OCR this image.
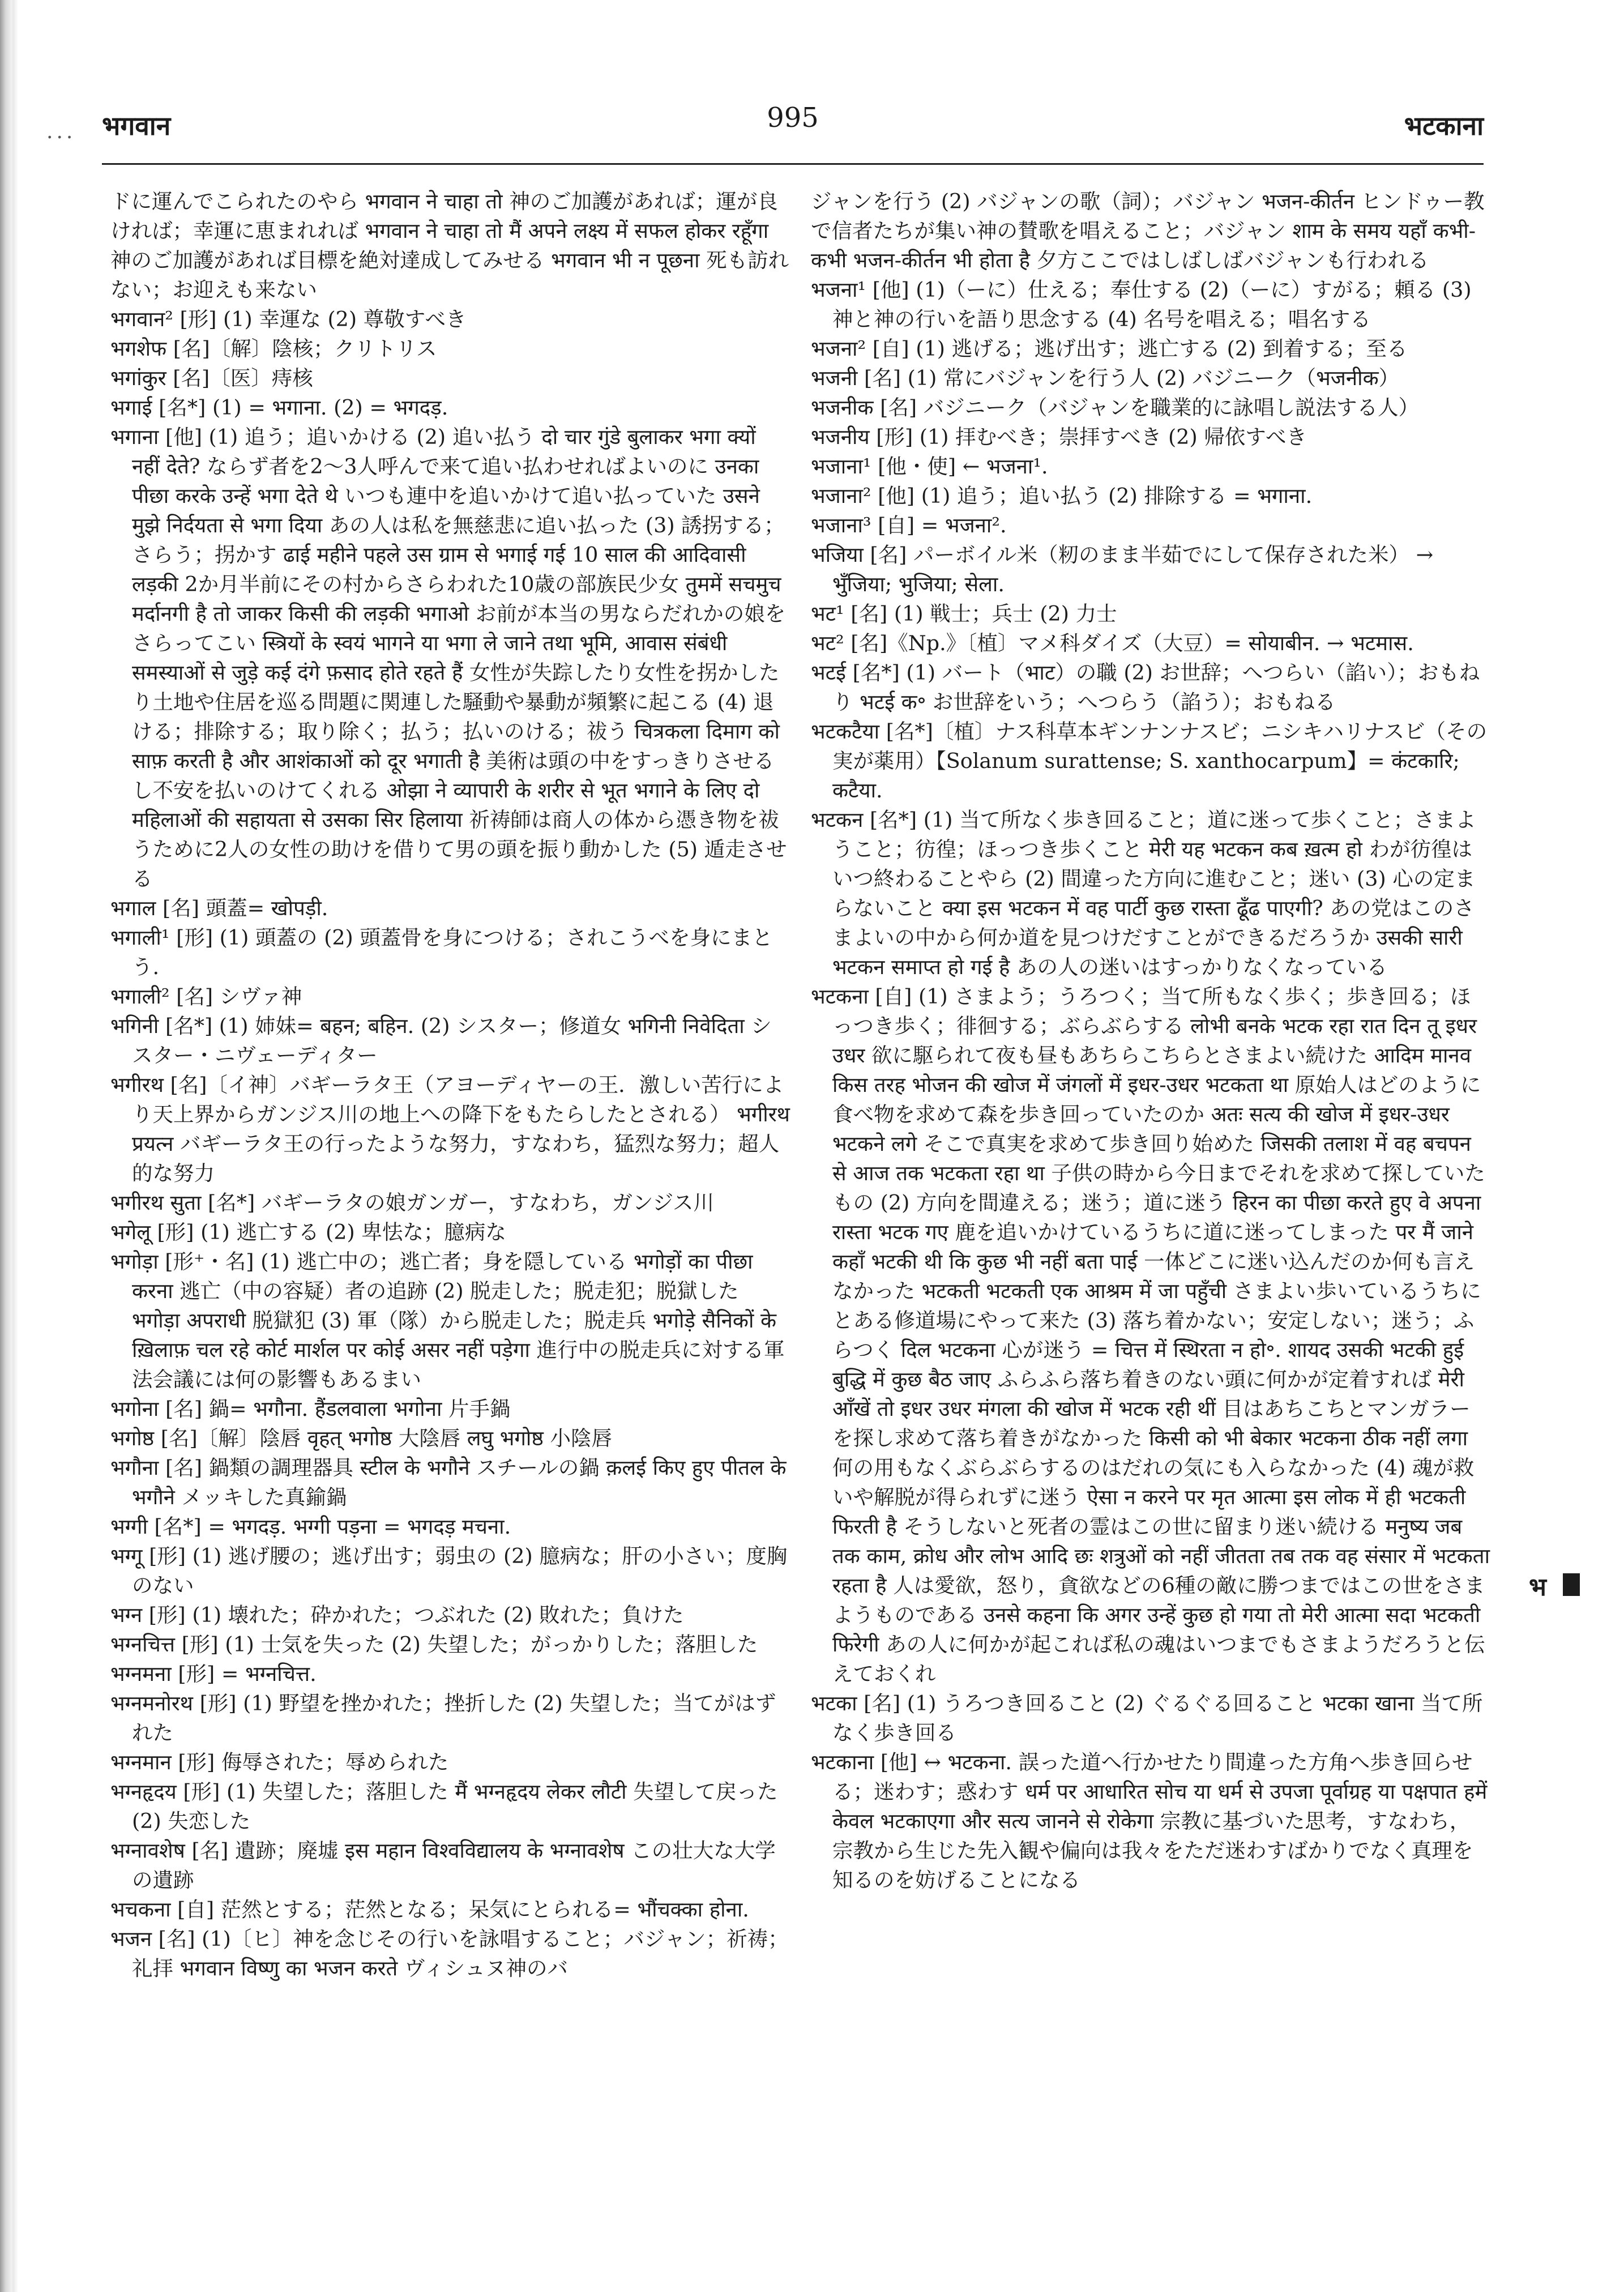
...	995
भगवान	भटकाना

ドに運んでこられたのやら भगवान ने चाहा तो 神のご加護があれば；運が良ければ；幸運に恵まれれば भगवान ने चाहा तो मैं अपने लक्ष्य में सफल होकर रहूँगा 神のご加護があれば目標を絶対達成してみせる भगवान भी न पूछना 死も訪れない；お迎えも来ない

भगवान² [形] (1) 幸運な (2) 尊敬すべき

भगशेफ [名]〔解〕陰核；クリトリス

भगांकुर [名]〔医〕痔核

भगाई [名*] (1) = भगाना. (2) = भगदड़.

भगाना [他] (1) 追う；追いかける (2) 追い払う दो चार गुंडे बुलाकर भगा क्यों नहीं देते? ならず者を2～3人呼んで来て追い払わせればよいのに उनका पीछा करके उन्हें भगा देते थे いつも連中を追いかけて追い払っていた उसने मुझे निर्दयता से भगा दिया あの人は私を無慈悲に追い払った (3) 誘拐する；さらう；拐かす ढाई महीने पहले उस ग्राम से भगाई गई 10 साल की आदिवासी लड़की 2か月半前にその村からさらわれた10歳の部族民少女 तुममें सचमुच मर्दानगी है तो जाकर किसी की लड़की भगाओ お前が本当の男ならだれかの娘をさらってこい स्त्रियों के स्वयं भागने या भगा ले जाने तथा भूमि, आवास संबंधी समस्याओं से जुड़े कई दंगे फ़साद होते रहते हैं 女性が失踪したり女性を拐かしたり土地や住居を巡る問題に関連した騒動や暴動が頻繁に起こる (4) 退ける；排除する；取り除く；払う；払いのける；祓う चित्रकला दिमाग को साफ़ करती है और आशंकाओं को दूर भगाती है 美術は頭の中をすっきりさせるし不安を払いのけてくれる ओझा ने व्यापारी के शरीर से भूत भगाने के लिए दो महिलाओं की सहायता से उसका सिर हिलाया 祈祷師は商人の体から憑き物を祓うために2人の女性の助けを借りて男の頭を振り動かした (5) 遁走させる

भगाल [名] 頭蓋= खोपड़ी.

भगाली¹ [形] (1) 頭蓋の (2) 頭蓋骨を身につける；されこうべを身にまとう.

भगाली² [名] シヴァ神

भगिनी [名*] (1) 姉妹= बहन; बहिन. (2) シスター；修道女 भगिनी निवेदिता シスター・ニヴェーディター

भगीरथ [名]〔イ神〕バギーラタ王（アヨーディヤーの王．激しい苦行により天上界からガンジス川の地上への降下をもたらしたとされる） भगीरथ प्रयत्न バギーラタ王の行ったような努力，すなわち，猛烈な努力；超人的な努力

भगीरथ सुता [名*] バギーラタの娘ガンガー，すなわち，ガンジス川

भगेलू [形] (1) 逃亡する (2) 卑怯な；臆病な

भगोड़ा [形⁺・名] (1) 逃亡中の；逃亡者；身を隠している भगोड़ों का पीछा करना 逃亡（中の容疑）者の追跡 (2) 脱走した；脱走犯；脱獄した भगोड़ा अपराधी 脱獄犯 (3) 軍（隊）から脱走した；脱走兵 भगोड़े सैनिकों के ख़िलाफ़ चल रहे कोर्ट मार्शल पर कोई असर नहीं पड़ेगा 進行中の脱走兵に対する軍法会議には何の影響もあるまい

भगोना [名] 鍋= भगौना. हैंडलवाला भगोना 片手鍋

भगोष्ठ [名]〔解〕陰唇 वृहत् भगोष्ठ 大陰唇 लघु भगोष्ठ 小陰唇

भगौना [名] 鍋類の調理器具 स्टील के भगौने スチールの鍋 क़लई किए हुए पीतल के भगौने メッキした真鍮鍋

भग्गी [名*] = भगदड़. भग्गी पड़ना = भगदड़ मचना.

भग्गू [形] (1) 逃げ腰の；逃げ出す；弱虫の (2) 臆病な；肝の小さい；度胸のない

भग्न [形] (1) 壊れた；砕かれた；つぶれた (2) 敗れた；負けた

भग्नचित्त [形] (1) 士気を失った (2) 失望した；がっかりした；落胆した

भग्नमना [形] = भग्नचित्त.

भग्नमनोरथ [形] (1) 野望を挫かれた；挫折した (2) 失望した；当てがはずれた

भग्नमान [形] 侮辱された；辱められた

भग्नहृदय [形] (1) 失望した；落胆した मैं भग्नहृदय लेकर लौटी 失望して戻った (2) 失恋した

भग्नावशेष [名] 遺跡；廃墟 इस महान विश्वविद्यालय के भग्नावशेष この壮大な大学の遺跡

भचकना [自] 茫然とする；茫然となる；呆気にとられる= भौंचक्का होना.

भजन [名] (1)〔ヒ〕神を念じその行いを詠唱すること；バジャン；祈祷；礼拝 भगवान विष्णु का भजन करते ヴィシュヌ神のバ

ジャンを行う (2) バジャンの歌（詞）；バジャン भजन-कीर्तन ヒンドゥー教で信者たちが集い神の賛歌を唱えること；バジャン शाम के समय यहाँ कभी-कभी भजन-कीर्तन भी होता है 夕方ここではしばしばバジャンも行われる

भजना¹ [他] (1)（ーに）仕える；奉仕する (2)（ーに）すがる；頼る (3) 神と神の行いを語り思念する (4) 名号を唱える；唱名する

भजना² [自] (1) 逃げる；逃げ出す；逃亡する (2) 到着する；至る

भजनी [名] (1) 常にバジャンを行う人 (2) バジニーク（भजनीक）

भजनीक [名] バジニーク（バジャンを職業的に詠唱し説法する人）

भजनीय [形] (1) 拝むべき；崇拝すべき (2) 帰依すべき

भजाना¹ [他・使] ← भजना¹.

भजाना² [他] (1) 追う；追い払う (2) 排除する = भगाना.

भजाना³ [自] = भजना².

भजिया [名] パーボイル米（籾のまま半茹でにして保存された米） → भुँजिया; भुजिया; सेला.

भट¹ [名] (1) 戦士；兵士 (2) 力士

भट² [名]《Np.》〔植〕マメ科ダイズ（大豆）= सोयाबीन. → भटमास.

भटई [名*] (1) バート（भाट）の職 (2) お世辞；へつらい（諂い）；おもねり भटई क॰ お世辞をいう；へつらう（諂う）；おもねる

भटकटैया [名*]〔植〕ナス科草本ギンナンナスビ；ニシキハリナスビ（その実が薬用）【Solanum surattense; S. xanthocarpum】= कंटकारि; कटैया.

भटकन [名*] (1) 当て所なく歩き回ること；道に迷って歩くこと；さまようこと；彷徨；ほっつき歩くこと मेरी यह भटकन कब ख़त्म हो わが彷徨はいつ終わることやら (2) 間違った方向に進むこと；迷い (3) 心の定まらないこと क्या इस भटकन में वह पार्टी कुछ रास्ता ढूँढ पाएगी? あの党はこのさまよいの中から何か道を見つけだすことができるだろうか उसकी सारी भटकन समाप्त हो गई है あの人の迷いはすっかりなくなっている

भटकना [自] (1) さまよう；うろつく；当て所もなく歩く；歩き回る；ほっつき歩く；徘徊する；ぶらぶらする लोभी बनके भटक रहा रात दिन तू इधर उधर 欲に駆られて夜も昼もあちらこちらとさまよい続けた आदिम मानव किस तरह भोजन की खोज में जंगलों में इधर-उधर भटकता था 原始人はどのように食べ物を求めて森を歩き回っていたのか अतः सत्य की खोज में इधर-उधर भटकने लगे そこで真実を求めて歩き回り始めた जिसकी तलाश में वह बचपन से आज तक भटकता रहा था 子供の時から今日までそれを求めて探していたもの (2) 方向を間違える；迷う；道に迷う हिरन का पीछा करते हुए वे अपना रास्ता भटक गए 鹿を追いかけているうちに道に迷ってしまった पर मैं जाने कहाँ भटकी थी कि कुछ भी नहीं बता पाई 一体どこに迷い込んだのか何も言えなかった भटकती भटकती एक आश्रम में जा पहुँची さまよい歩いているうちにとある修道場にやって来た (3) 落ち着かない；安定しない；迷う；ふらつく दिल भटकना 心が迷う = चित्त में स्थिरता न हो॰. शायद उसकी भटकी हुई बुद्धि में कुछ बैठ जाए ふらふら落ち着きのない頭に何かが定着すれば मेरी आँखें तो इधर उधर मंगला की खोज में भटक रही थीं 目はあちこちとマンガラーを探し求めて落ち着きがなかった किसी को भी बेकार भटकना ठीक नहीं लगा 何の用もなくぶらぶらするのはだれの気にも入らなかった (4) 魂が救いや解脱が得られずに迷う ऐसा न करने पर मृत आत्मा इस लोक में ही भटकती फिरती है そうしないと死者の霊はこの世に留まり迷い続ける मनुष्य जब तक काम, क्रोध और लोभ आदि छः शत्रुओं को नहीं जीतता तब तक वह संसार में भटकता रहता है 人は愛欲，怒り，貪欲などの6種の敵に勝つまではこの世をさまようものである उनसे कहना कि अगर उन्हें कुछ हो गया तो मेरी आत्मा सदा भटकती फिरेगी あの人に何かが起これば私の魂はいつまでもさまようだろうと伝えておくれ

भटका [名] (1) うろつき回ること (2) ぐるぐる回ること भटका खाना 当て所なく歩き回る

भटकाना [他] ↔ भटकना. 誤った道へ行かせたり間違った方角へ歩き回らせる；迷わす；惑わす धर्म पर आधारित सोच या धर्म से उपजा पूर्वाग्रह या पक्षपात हमें केवल भटकाएगा और सत्य जानने से रोकेगा 宗教に基づいた思考，すなわち，宗教から生じた先入観や偏向は我々をただ迷わすばかりでなく真理を知るのを妨げることになる

भ
